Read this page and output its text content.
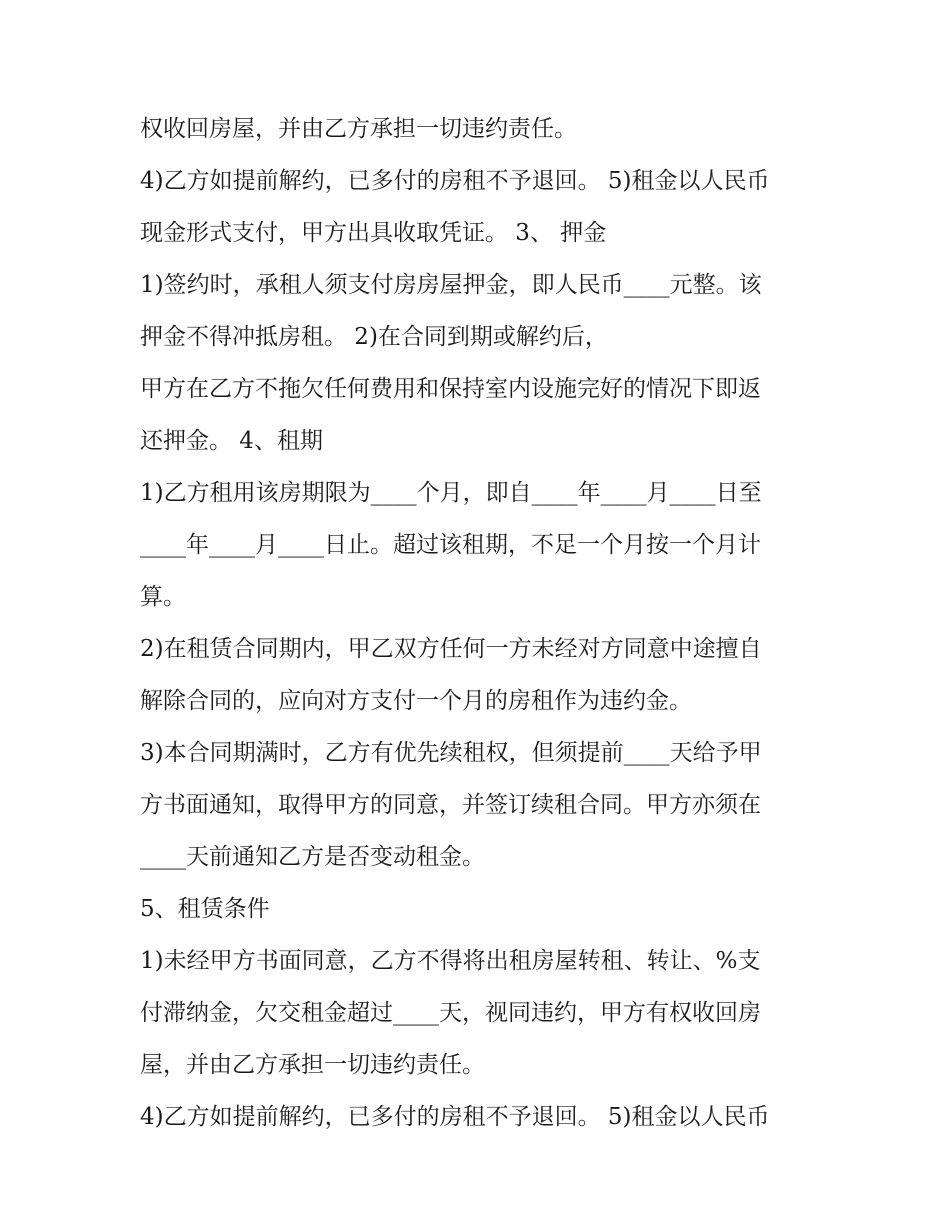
权收回房屋，并由乙方承担一切违约责任。
4)乙方如提前解约，已多付的房租不予退回。 5)租金以人民币
现金形式支付，甲方出具收取凭证。 3、 押金
1)签约时，承租人须支付房房屋押金，即人民币____元整。该
押金不得冲抵房租。 2)在合同到期或解约后，
甲方在乙方不拖欠任何费用和保持室内设施完好的情况下即返
还押金。 4、租期
1)乙方租用该房期限为____个月，即自____年____月____日至
____年____月____日止。超过该租期，不足一个月按一个月计
算。
2)在租赁合同期内，甲乙双方任何一方未经对方同意中途擅自
解除合同的，应向对方支付一个月的房租作为违约金。
3)本合同期满时，乙方有优先续租权，但须提前____天给予甲
方书面通知，取得甲方的同意，并签订续租合同。甲方亦须在
____天前通知乙方是否变动租金。
5、租赁条件
1)未经甲方书面同意，乙方不得将出租房屋转租、转让、%支
付滞纳金，欠交租金超过____天，视同违约，甲方有权收回房
屋，并由乙方承担一切违约责任。
4)乙方如提前解约，已多付的房租不予退回。 5)租金以人民币
